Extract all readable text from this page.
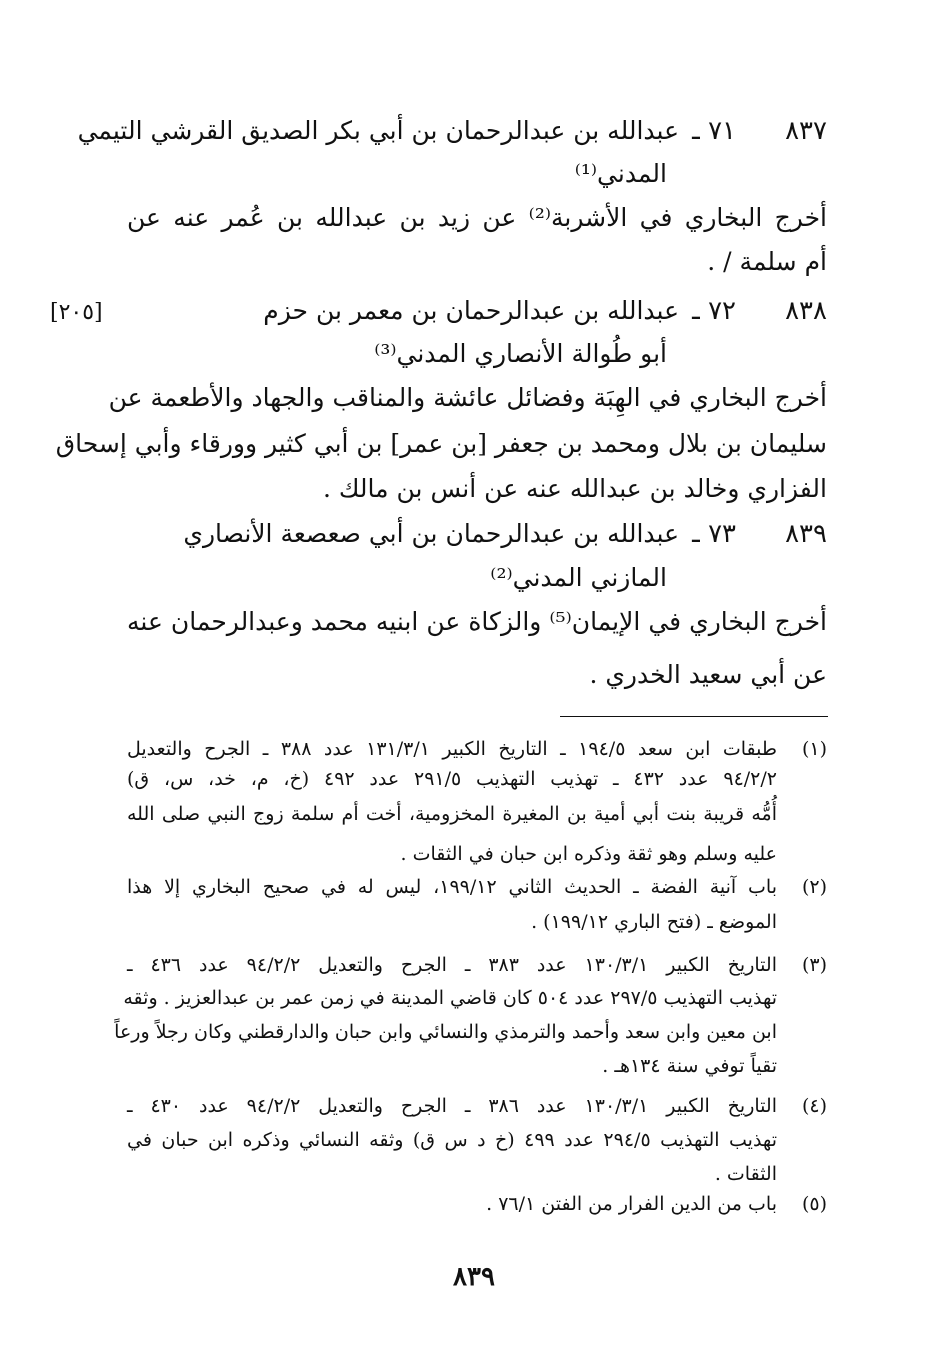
٨٣٧
٧١ ـ
عبدالله بن عبدالرحمان بن أبي بكر الصديق القرشي التيمي
المدني⁽¹⁾
أخرج البخاري في الأشربة⁽²⁾ عن زيد بن عبدالله بن عُمر عنه عن
أم سلمة / .
[٢٠٥]	٨٣٨
٧٢ ـ
عبدالله بن عبدالرحمان بن معمر بن حزم
أبو طُوالة الأنصاري المدني⁽³⁾
أخرج البخاري في الهِبَة وفضائل عائشة والمناقب والجهاد والأطعمة عن
سليمان بن بلال ومحمد بن جعفر [بن عمر] بن أبي كثير وورقاء وأبي إسحاق
الفزاري وخالد بن عبدالله عنه عن أنس بن مالك .
٨٣٩
٧٣ ـ
عبدالله بن عبدالرحمان بن أبي صعصعة الأنصاري
المازني المدني⁽²⁾
أخرج البخاري في الإيمان⁽⁵⁾ والزكاة عن ابنيه محمد وعبدالرحمان عنه
عن أبي سعيد الخدري .
(١)
طبقات ابن سعد ١٩٤/٥ ـ التاريخ الكبير ١٣١/٣/١ عدد ٣٨٨ ـ الجرح والتعديل
٩٤/٢/٢ عدد ٤٣٢ ـ تهذيب التهذيب ٢٩١/٥ عدد ٤٩٢ (خ، م، خد، س، ق)
أُمُّه قريبة بنت أبي أمية بن المغيرة المخزومية، أخت أم سلمة زوج النبي صلى الله
عليه وسلم وهو ثقة وذكره ابن حبان في الثقات .
(٢)
باب آنية الفضة ـ الحديث الثاني ١٩٩/١٢، ليس له في صحيح البخاري إلا هذا
الموضع ـ (فتح الباري ١٩٩/١٢) .
(٣)
التاريخ الكبير ١٣٠/٣/١ عدد ٣٨٣ ـ الجرح والتعديل ٩٤/٢/٢ عدد ٤٣٦ ـ
تهذيب التهذيب ٢٩٧/٥ عدد ٥٠٤ كان قاضي المدينة في زمن عمر بن عبدالعزيز . وثقه
ابن معين وابن سعد وأحمد والترمذي والنسائي وابن حبان والدارقطني وكان رجلاً ورعاً
تقياً توفي سنة ١٣٤هـ .
(٤)
التاريخ الكبير ١٣٠/٣/١ عدد ٣٨٦ ـ الجرح والتعديل ٩٤/٢/٢ عدد ٤٣٠ ـ
تهذيب التهذيب ٢٩٤/٥ عدد ٤٩٩ (خ د س ق) وثقه النسائي وذكره ابن حبان في
الثقات .
(٥)
باب من الدين الفرار من الفتن ٧٦/١ .
٨٣٩
